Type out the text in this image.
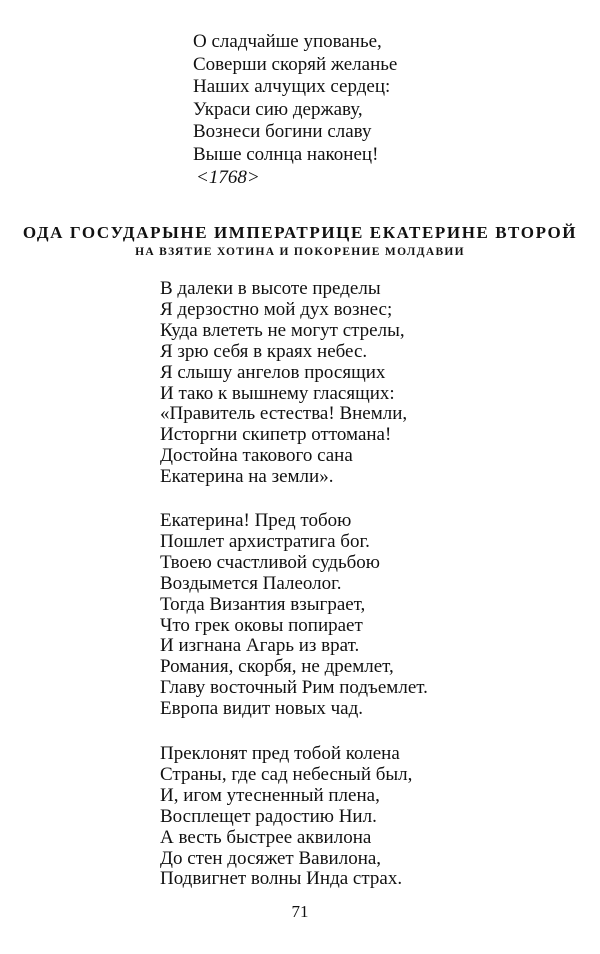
О сладчайше упованье,
Соверши скоряй желанье
Наших алчущих сердец:
Украси сию державу,
Вознеси богини славу
Выше солнца наконец!
<1768>
ОДА ГОСУДАРЫНЕ ИМПЕРАТРИЦЕ ЕКАТЕРИНЕ ВТОРОЙ
НА ВЗЯТИЕ ХОТИНА И ПОКОРЕНИЕ МОЛДАВИИ
В далеки в высоте пределы
Я дерзостно мой дух вознес;
Куда влететь не могут стрелы,
Я зрю себя в краях небес.
Я слышу ангелов просящих
И тако к вышнему гласящих:
«Правитель естества! Внемли,
Исторгни скипетр оттомана!
Достойна такового сана
Екатерина на земли».
Екатерина! Пред тобою
Пошлет архистратига бог.
Твоею счастливой судьбою
Воздымется Палеолог.
Тогда Византия взыграет,
Что грек оковы попирает
И изгнана Агарь из врат.
Романия, скорбя, не дремлет,
Главу восточный Рим подъемлет.
Европа видит новых чад.
Преклонят пред тобой колена
Страны, где сад небесный был,
И, игом утесненный плена,
Восплещет радостию Нил.
А весть быстрее аквилона
До стен досяжет Вавилона,
Подвигнет волны Инда страх.
71
